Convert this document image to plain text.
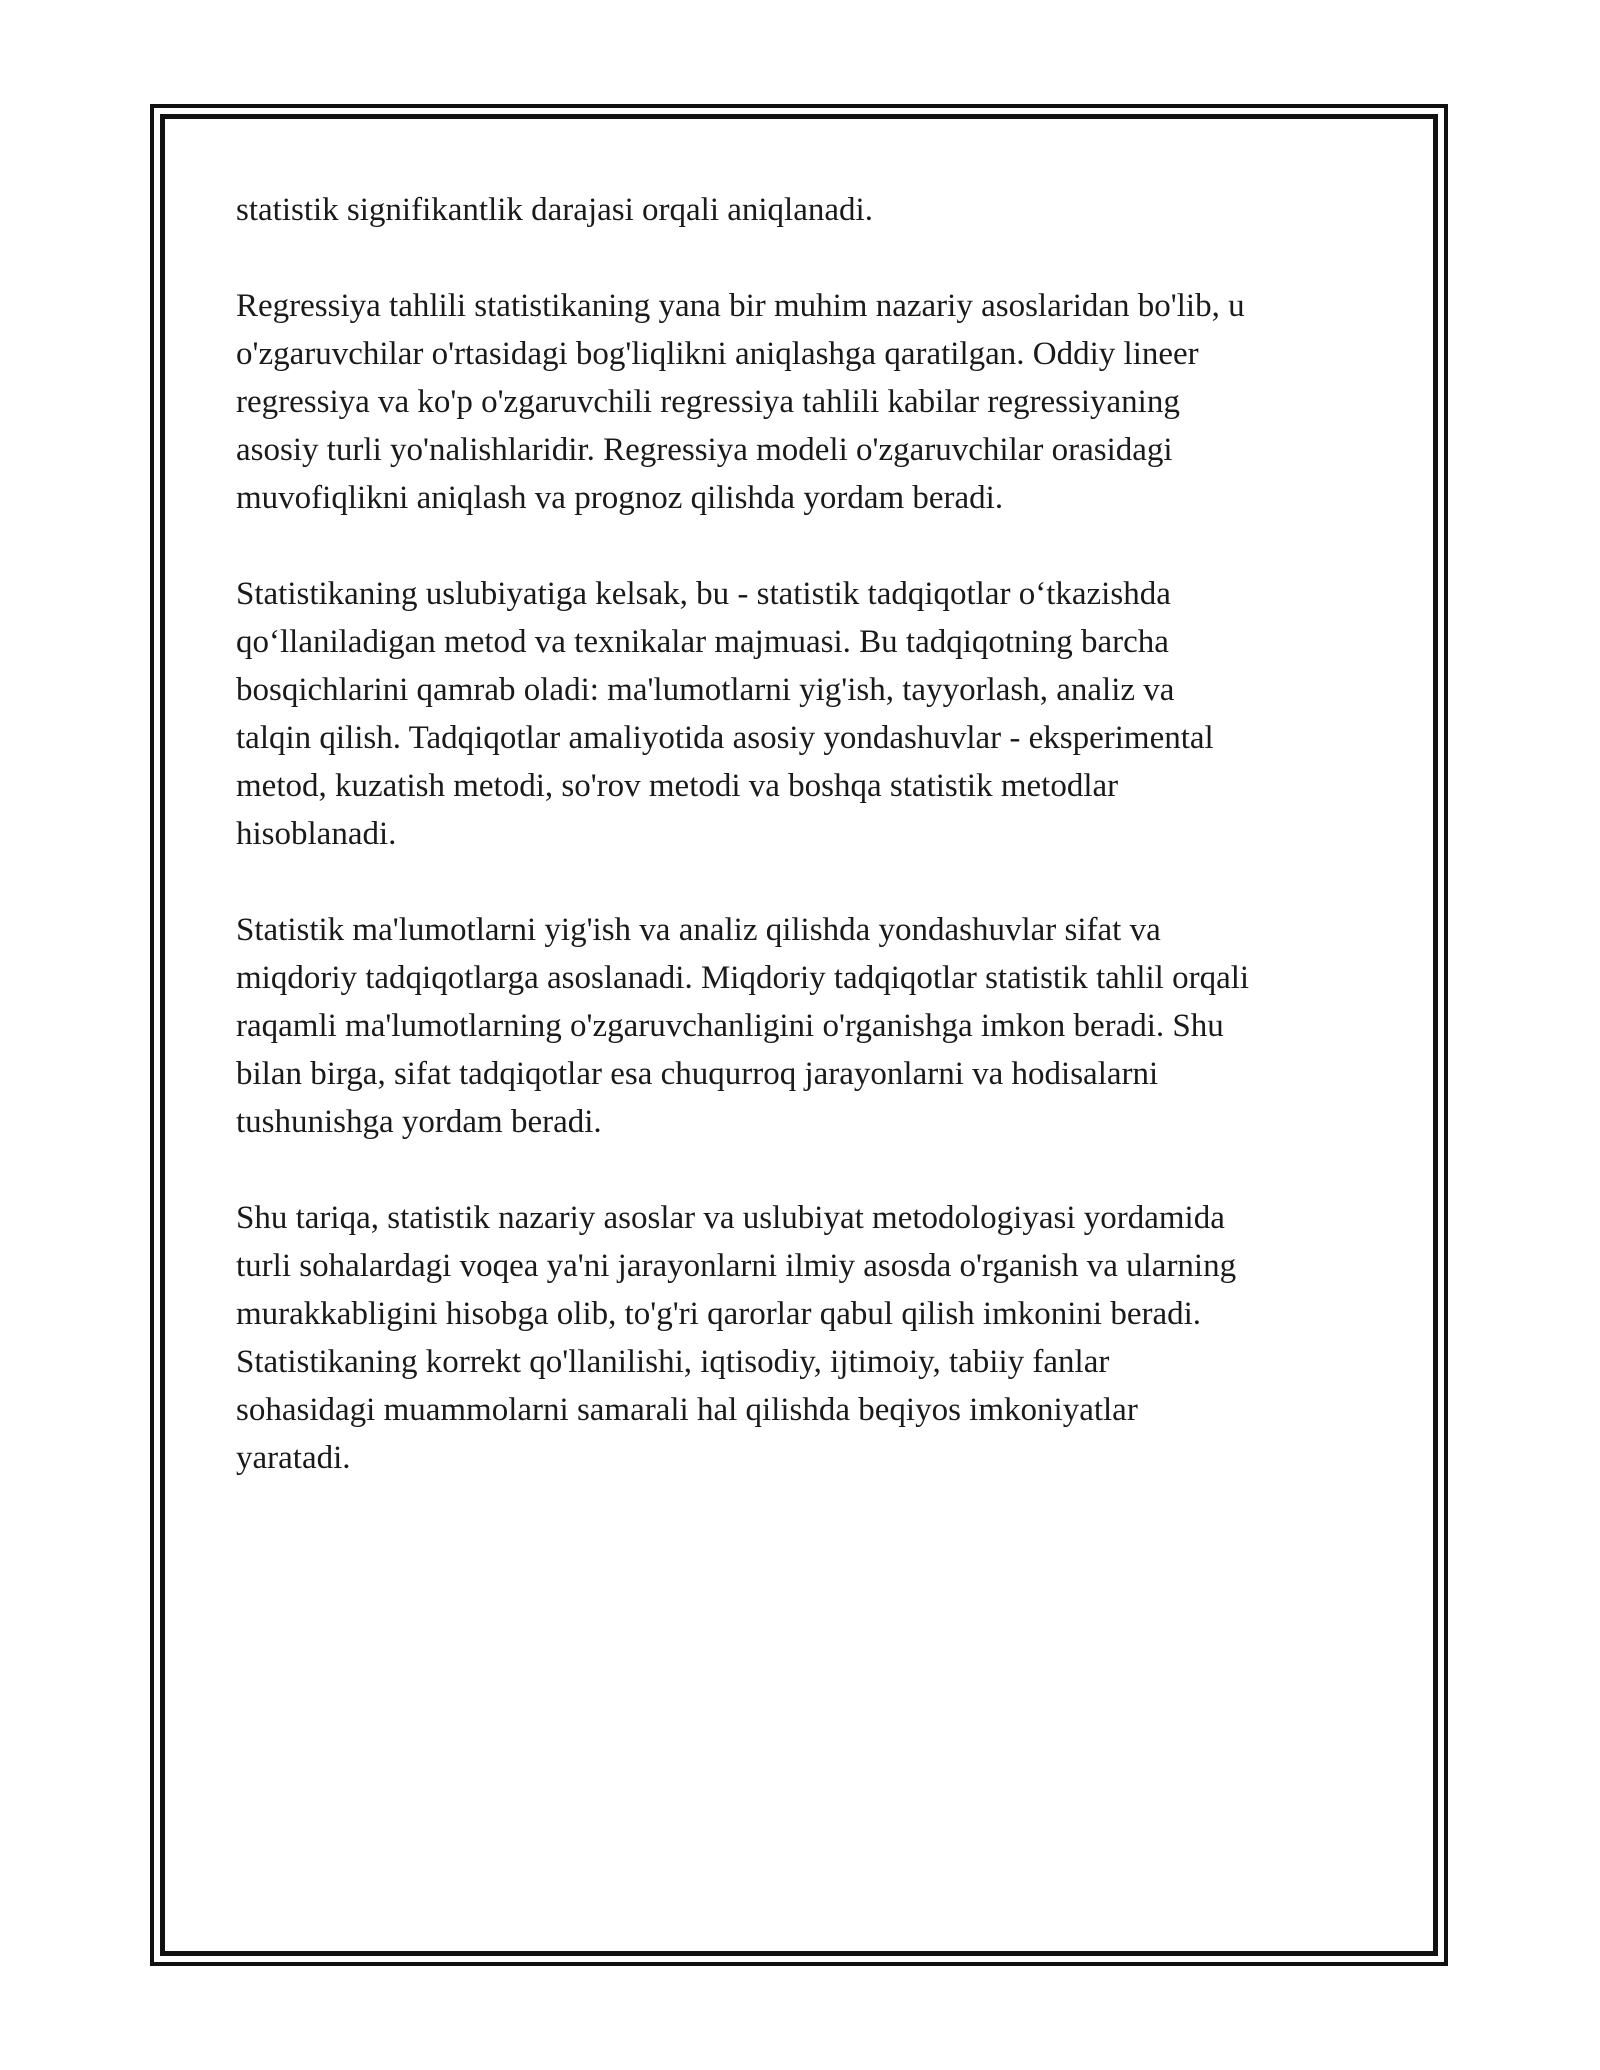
statistik signifikantlik darajasi orqali aniqlanadi.
Regressiya tahlili statistikaning yana bir muhim nazariy asoslaridan bo'lib, u
o'zgaruvchilar o'rtasidagi bog'liqlikni aniqlashga qaratilgan. Oddiy lineer
regressiya va ko'p o'zgaruvchili regressiya tahlili kabilar regressiyaning
asosiy turli yo'nalishlaridir. Regressiya modeli o'zgaruvchilar orasidagi
muvofiqlikni aniqlash va prognoz qilishda yordam beradi.
Statistikaning uslubiyatiga kelsak, bu - statistik tadqiqotlar o‘tkazishda
qo‘llaniladigan metod va texnikalar majmuasi. Bu tadqiqotning barcha
bosqichlarini qamrab oladi: ma'lumotlarni yig'ish, tayyorlash, analiz va
talqin qilish. Tadqiqotlar amaliyotida asosiy yondashuvlar - eksperimental
metod, kuzatish metodi, so'rov metodi va boshqa statistik metodlar
hisoblanadi.
Statistik ma'lumotlarni yig'ish va analiz qilishda yondashuvlar sifat va
miqdoriy tadqiqotlarga asoslanadi. Miqdoriy tadqiqotlar statistik tahlil orqali
raqamli ma'lumotlarning o'zgaruvchanligini o'rganishga imkon beradi. Shu
bilan birga, sifat tadqiqotlar esa chuqurroq jarayonlarni va hodisalarni
tushunishga yordam beradi.
Shu tariqa, statistik nazariy asoslar va uslubiyat metodologiyasi yordamida
turli sohalardagi voqea ya'ni jarayonlarni ilmiy asosda o'rganish va ularning
murakkabligini hisobga olib, to'g'ri qarorlar qabul qilish imkonini beradi.
Statistikaning korrekt qo'llanilishi, iqtisodiy, ijtimoiy, tabiiy fanlar
sohasidagi muammolarni samarali hal qilishda beqiyos imkoniyatlar
yaratadi.
